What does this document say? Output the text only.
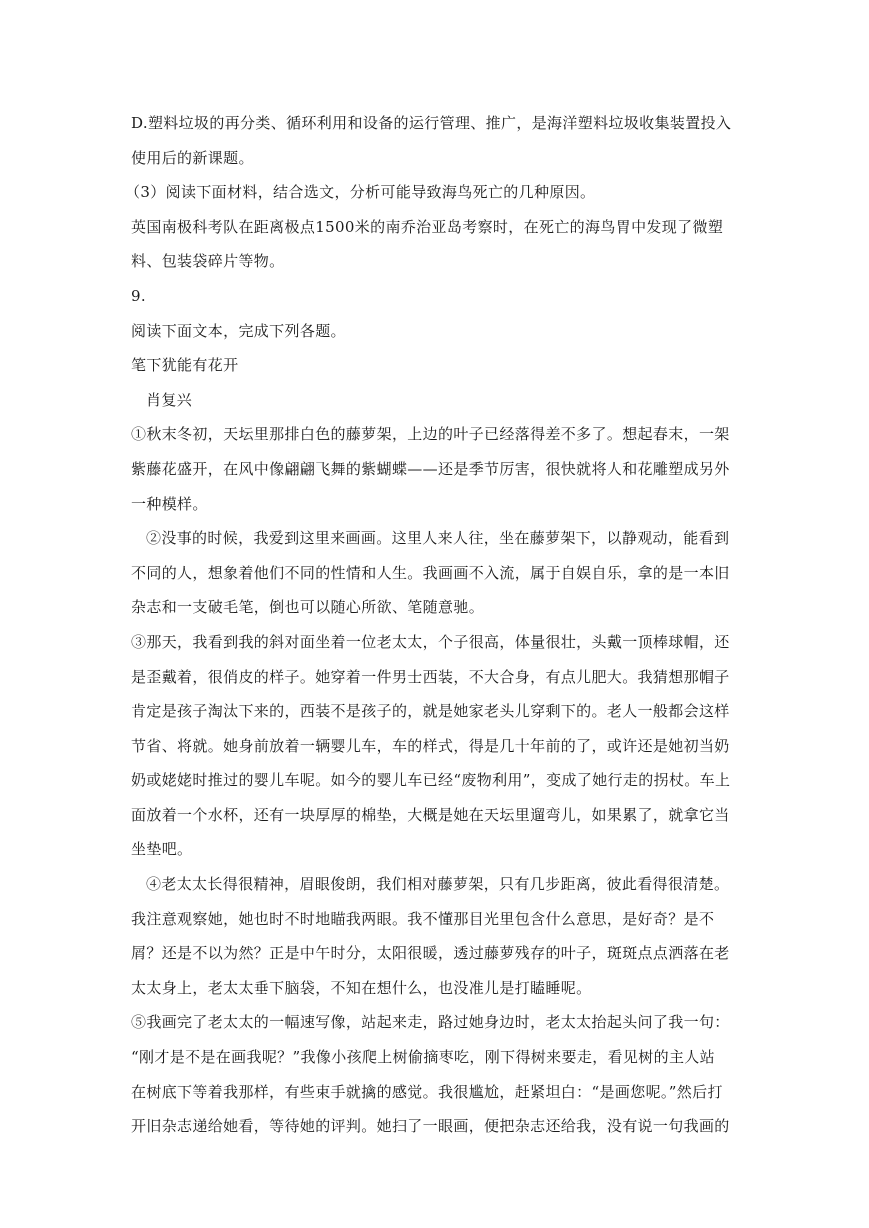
D.塑料垃圾的再分类、循环利用和设备的运行管理、推广，是海洋塑料垃圾收集装置投入
使用后的新课题。
（3）阅读下面材料，结合选文，分析可能导致海鸟死亡的几种原因。
英国南极科考队在距离极点1500米的南乔治亚岛考察时，在死亡的海鸟胃中发现了微塑
料、包装袋碎片等物。
9.
阅读下面文本，完成下列各题。
笔下犹能有花开
肖复兴
①秋末冬初，天坛里那排白色的藤萝架，上边的叶子已经落得差不多了。想起春末，一架
紫藤花盛开，在风中像翩翩飞舞的紫蝴蝶——还是季节厉害，很快就将人和花雕塑成另外
一种模样。
②没事的时候，我爱到这里来画画。这里人来人往，坐在藤萝架下，以静观动，能看到
不同的人，想象着他们不同的性情和人生。我画画不入流，属于自娱自乐，拿的是一本旧
杂志和一支破毛笔，倒也可以随心所欲、笔随意驰。
③那天，我看到我的斜对面坐着一位老太太，个子很高，体量很壮，头戴一顶棒球帽，还
是歪戴着，很俏皮的样子。她穿着一件男士西装，不大合身，有点儿肥大。我猜想那帽子
肯定是孩子淘汰下来的，西装不是孩子的，就是她家老头儿穿剩下的。老人一般都会这样
节省、将就。她身前放着一辆婴儿车，车的样式，得是几十年前的了，或许还是她初当奶
奶或姥姥时推过的婴儿车呢。如今的婴儿车已经“废物利用”，变成了她行走的拐杖。车上
面放着一个水杯，还有一块厚厚的棉垫，大概是她在天坛里遛弯儿，如果累了，就拿它当
坐垫吧。
④老太太长得很精神，眉眼俊朗，我们相对藤萝架，只有几步距离，彼此看得很清楚。
我注意观察她，她也时不时地瞄我两眼。我不懂那目光里包含什么意思，是好奇？是不
屑？还是不以为然？正是中午时分，太阳很暖，透过藤萝残存的叶子，斑斑点点洒落在老
太太身上，老太太垂下脑袋，不知在想什么，也没准儿是打瞌睡呢。
⑤我画完了老太太的一幅速写像，站起来走，路过她身边时，老太太抬起头问了我一句：
“刚才是不是在画我呢？”我像小孩爬上树偷摘枣吃，刚下得树来要走，看见树的主人站
在树底下等着我那样，有些束手就擒的感觉。我很尴尬，赶紧坦白：“是画您呢。”然后打
开旧杂志递给她看，等待她的评判。她扫了一眼画，便把杂志还给我，没有说一句我画的
